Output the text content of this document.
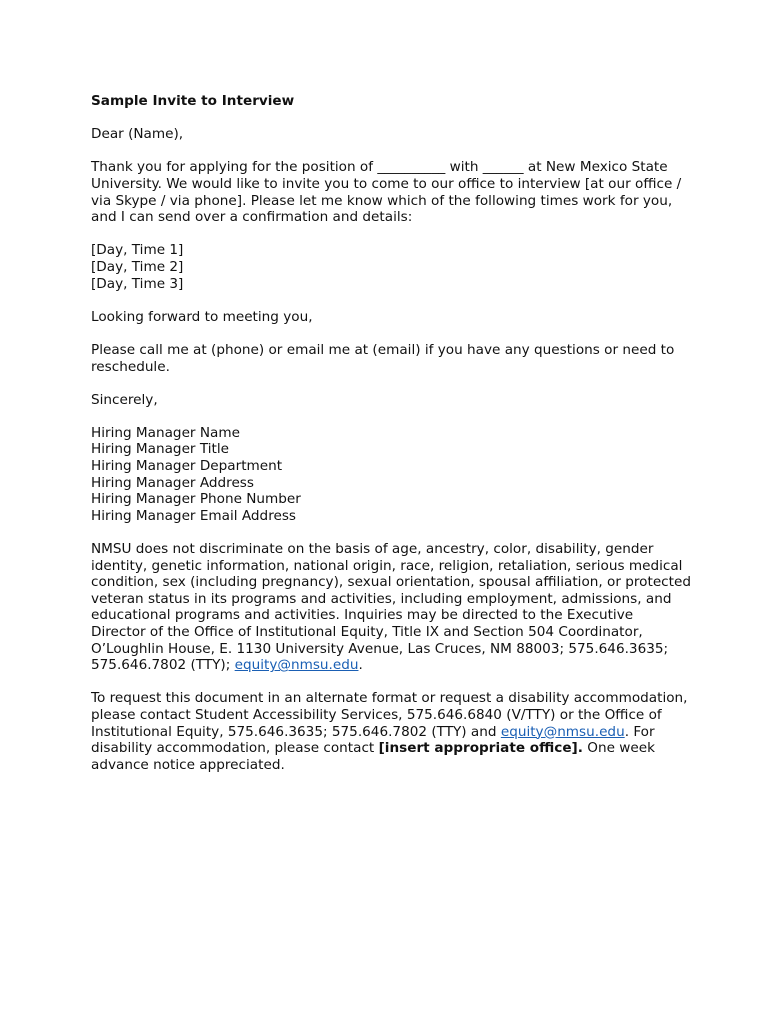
Sample Invite to Interview

Dear (Name),

Thank you for applying for the position of __________ with ______ at New Mexico State University. We would like to invite you to come to our office to interview [at our office / via Skype / via phone]. Please let me know which of the following times work for you, and I can send over a confirmation and details:

[Day, Time 1]
[Day, Time 2]
[Day, Time 3]

Looking forward to meeting you,

Please call me at (phone) or email me at (email) if you have any questions or need to reschedule.

Sincerely,

Hiring Manager Name
Hiring Manager Title
Hiring Manager Department
Hiring Manager Address
Hiring Manager Phone Number
Hiring Manager Email Address

NMSU does not discriminate on the basis of age, ancestry, color, disability, gender identity, genetic information, national origin, race, religion, retaliation, serious medical condition, sex (including pregnancy), sexual orientation, spousal affiliation, or protected veteran status in its programs and activities, including employment, admissions, and educational programs and activities. Inquiries may be directed to the Executive Director of the Office of Institutional Equity, Title IX and Section 504 Coordinator, O’Loughlin House, E. 1130 University Avenue, Las Cruces, NM 88003; 575.646.3635; 575.646.7802 (TTY); equity@nmsu.edu.

To request this document in an alternate format or request a disability accommodation, please contact Student Accessibility Services, 575.646.6840 (V/TTY) or the Office of Institutional Equity, 575.646.3635; 575.646.7802 (TTY) and equity@nmsu.edu. For disability accommodation, please contact [insert appropriate office]. One week advance notice appreciated.
